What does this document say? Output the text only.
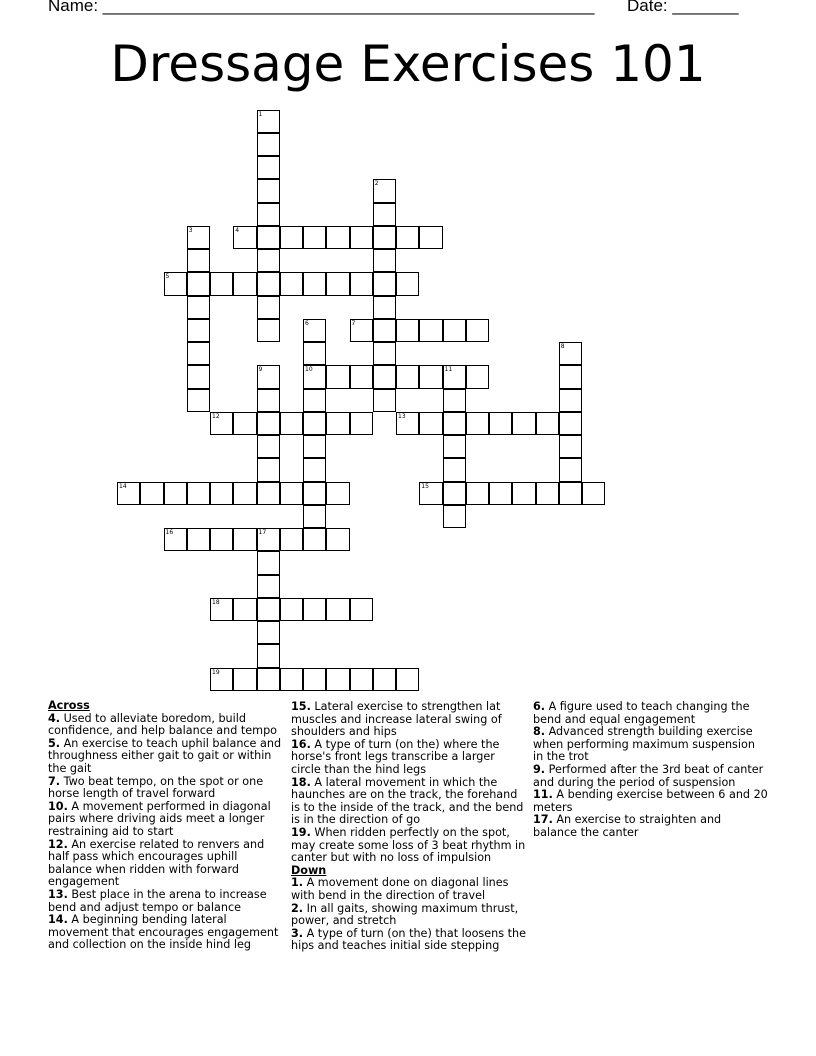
Name: ____________________________________________________ Date: _______
Dressage Exercises 101
1
2
3	4
5
6
10
7
8
9	11
12	13
14	15
16	17
18
19
Across

4. Used to alleviate boredom, build confidence, and help balance and tempo

5. An exercise to teach uphil balance and throughness either gait to gait or within the gait

7. Two beat tempo, on the spot or one horse length of travel forward

10. A movement performed in diagonal pairs where driving aids meet a longer restraining aid to start

12. An exercise related to renvers and half pass which encourages uphill balance when ridden with forward engagement

13. Best place in the arena to increase bend and adjust tempo or balance

14. A beginning bending lateral movement that encourages engagement and collection on the inside hind leg

15. Lateral exercise to strengthen lat muscles and increase lateral swing of shoulders and hips

16. A type of turn (on the) where the horse's front legs transcribe a larger circle than the hind legs

18. A lateral movement in which the haunches are on the track, the forehand is to the inside of the track, and the bend is in the direction of go

19. When ridden perfectly on the spot, may create some loss of 3 beat rhythm in canter but with no loss of impulsion

Down

1. A movement done on diagonal lines with bend in the direction of travel

2. In all gaits, showing maximum thrust, power, and stretch

3. A type of turn (on the) that loosens the hips and teaches initial side stepping

6. A figure used to teach changing the bend and equal engagement

8. Advanced strength building exercise when performing maximum suspension in the trot

9. Performed after the 3rd beat of canter and during the period of suspension

11. A bending exercise between 6 and 20 meters

17. An exercise to straighten and balance the canter
